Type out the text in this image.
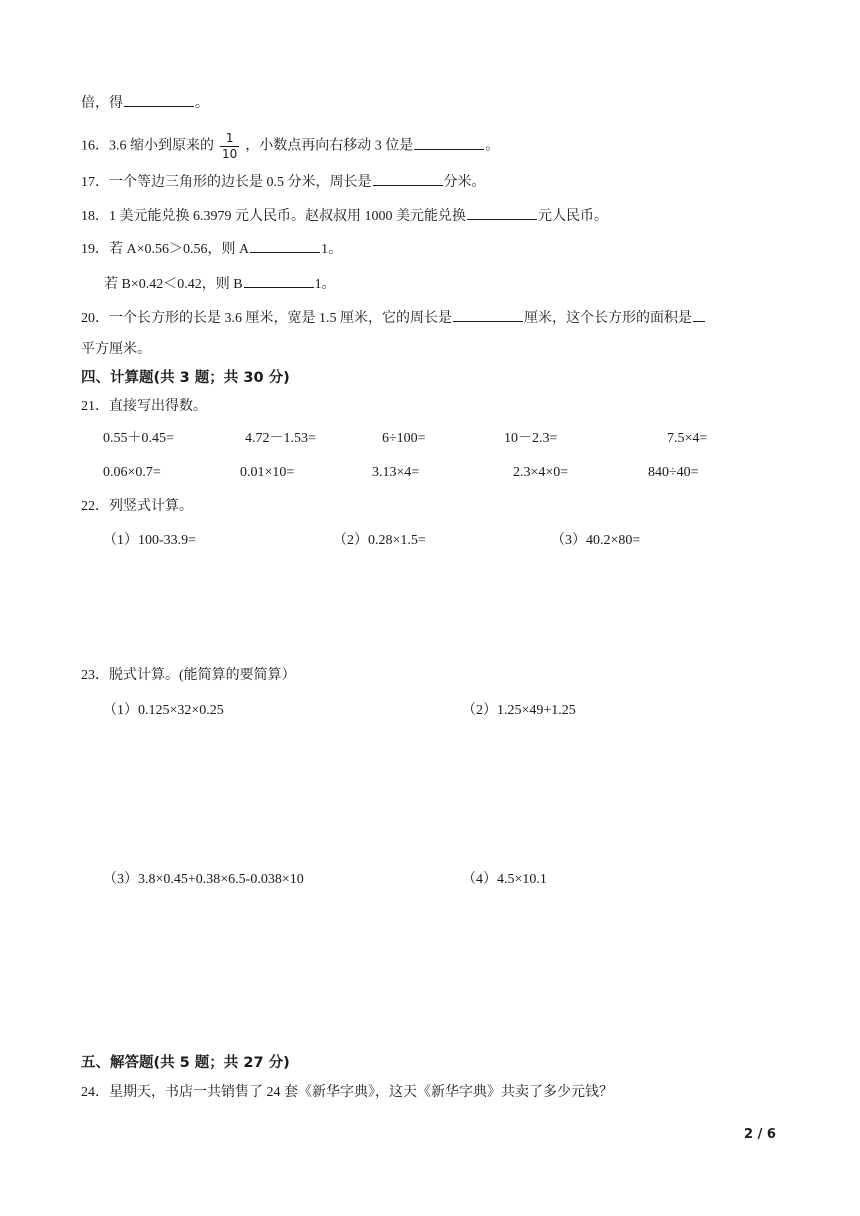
倍，得	。
16．3.6 缩小到原来的 $\frac{1}{10}$ ，小数点再向右移动 3 位是	。
17．一个等边三角形的边长是 0.5 分米，周长是	分米。
18．1 美元能兑换 6.3979 元人民币。赵叔叔用 1000 美元能兑换	元人民币。
19．若 A×0.56＞0.56，则 A	1。
若 B×0.42＜0.42，则 B	1。
20．一个长方形的长是 3.6 厘米，宽是 1.5 厘米，它的周长是	厘米，这个长方形的面积是
平方厘米。
四、计算题(共 3 题；共 30 分)
21．直接写出得数。
0.55＋0.45=	4.72－1.53=	6÷100=	10－2.3=	7.5×4=
0.06×0.7=	0.01×10=	3.13×4=	2.3×4×0=	840÷40=
22．列竖式计算。
（1）100-33.9=	（2）0.28×1.5=	（3）40.2×80=
23．脱式计算。(能简算的要简算）
（1）0.125×32×0.25	（2）1.25×49+1.25
（3）3.8×0.45+0.38×6.5-0.038×10	（4）4.5×10.1
五、解答题(共 5 题；共 27 分)
24．星期天，书店一共销售了 24 套《新华字典》，这天《新华字典》共卖了多少元钱？
2 / 6
